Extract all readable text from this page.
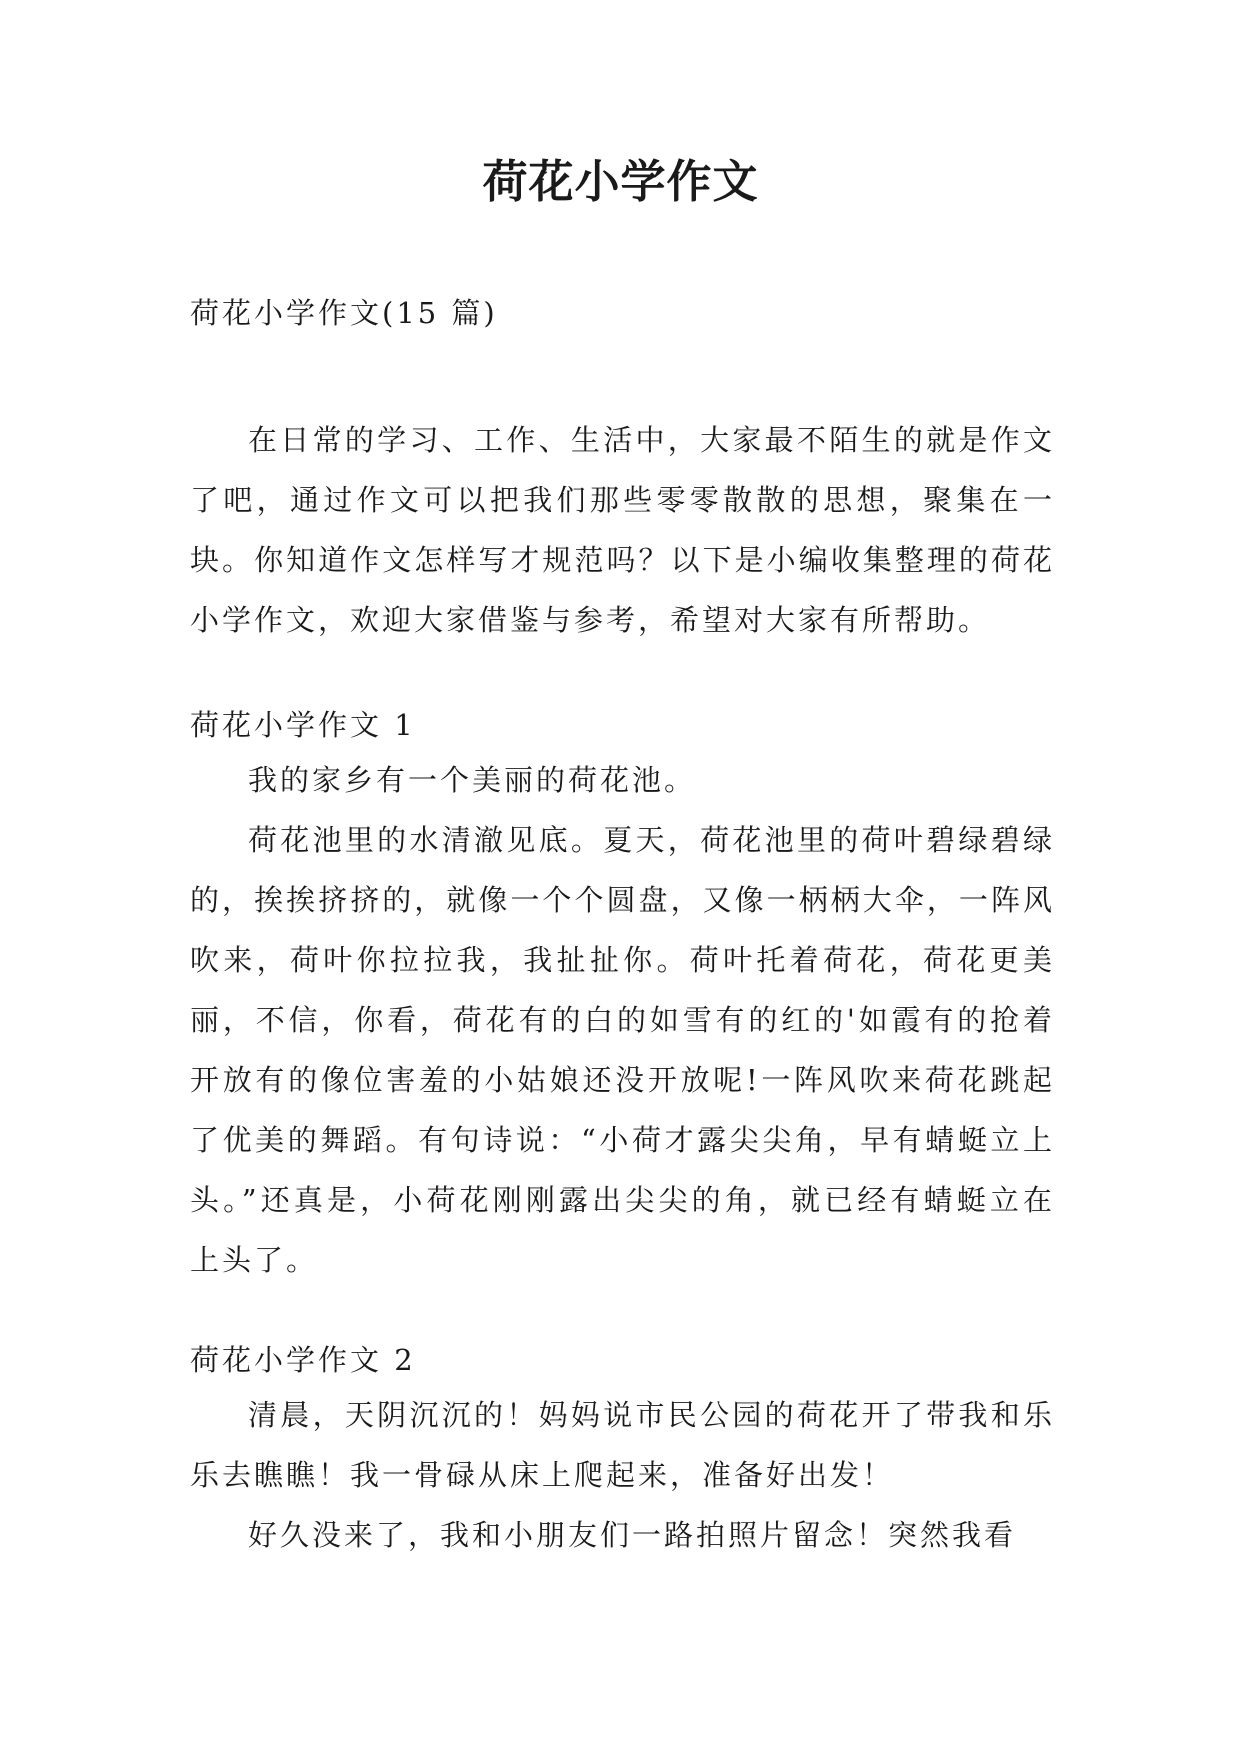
荷花小学作文

荷花小学作文(15 篇)

在日常的学习、工作、生活中，大家最不陌生的就是作文了吧，通过作文可以把我们那些零零散散的思想，聚集在一块。你知道作文怎样写才规范吗？以下是小编收集整理的荷花小学作文，欢迎大家借鉴与参考，希望对大家有所帮助。

荷花小学作文 1

我的家乡有一个美丽的荷花池。

荷花池里的水清澈见底。夏天，荷花池里的荷叶碧绿碧绿的，挨挨挤挤的，就像一个个圆盘，又像一柄柄大伞，一阵风吹来，荷叶你拉拉我，我扯扯你。荷叶托着荷花，荷花更美丽，不信，你看，荷花有的白的如雪有的红的'如霞有的抢着开放有的像位害羞的小姑娘还没开放呢!一阵风吹来荷花跳起了优美的舞蹈。有句诗说：“小荷才露尖尖角，早有蜻蜓立上头。”还真是，小荷花刚刚露出尖尖的角，就已经有蜻蜓立在上头了。

荷花小学作文 2

清晨，天阴沉沉的！妈妈说市民公园的荷花开了带我和乐乐去瞧瞧！我一骨碌从床上爬起来，准备好出发！

好久没来了，我和小朋友们一路拍照片留念！突然我看
